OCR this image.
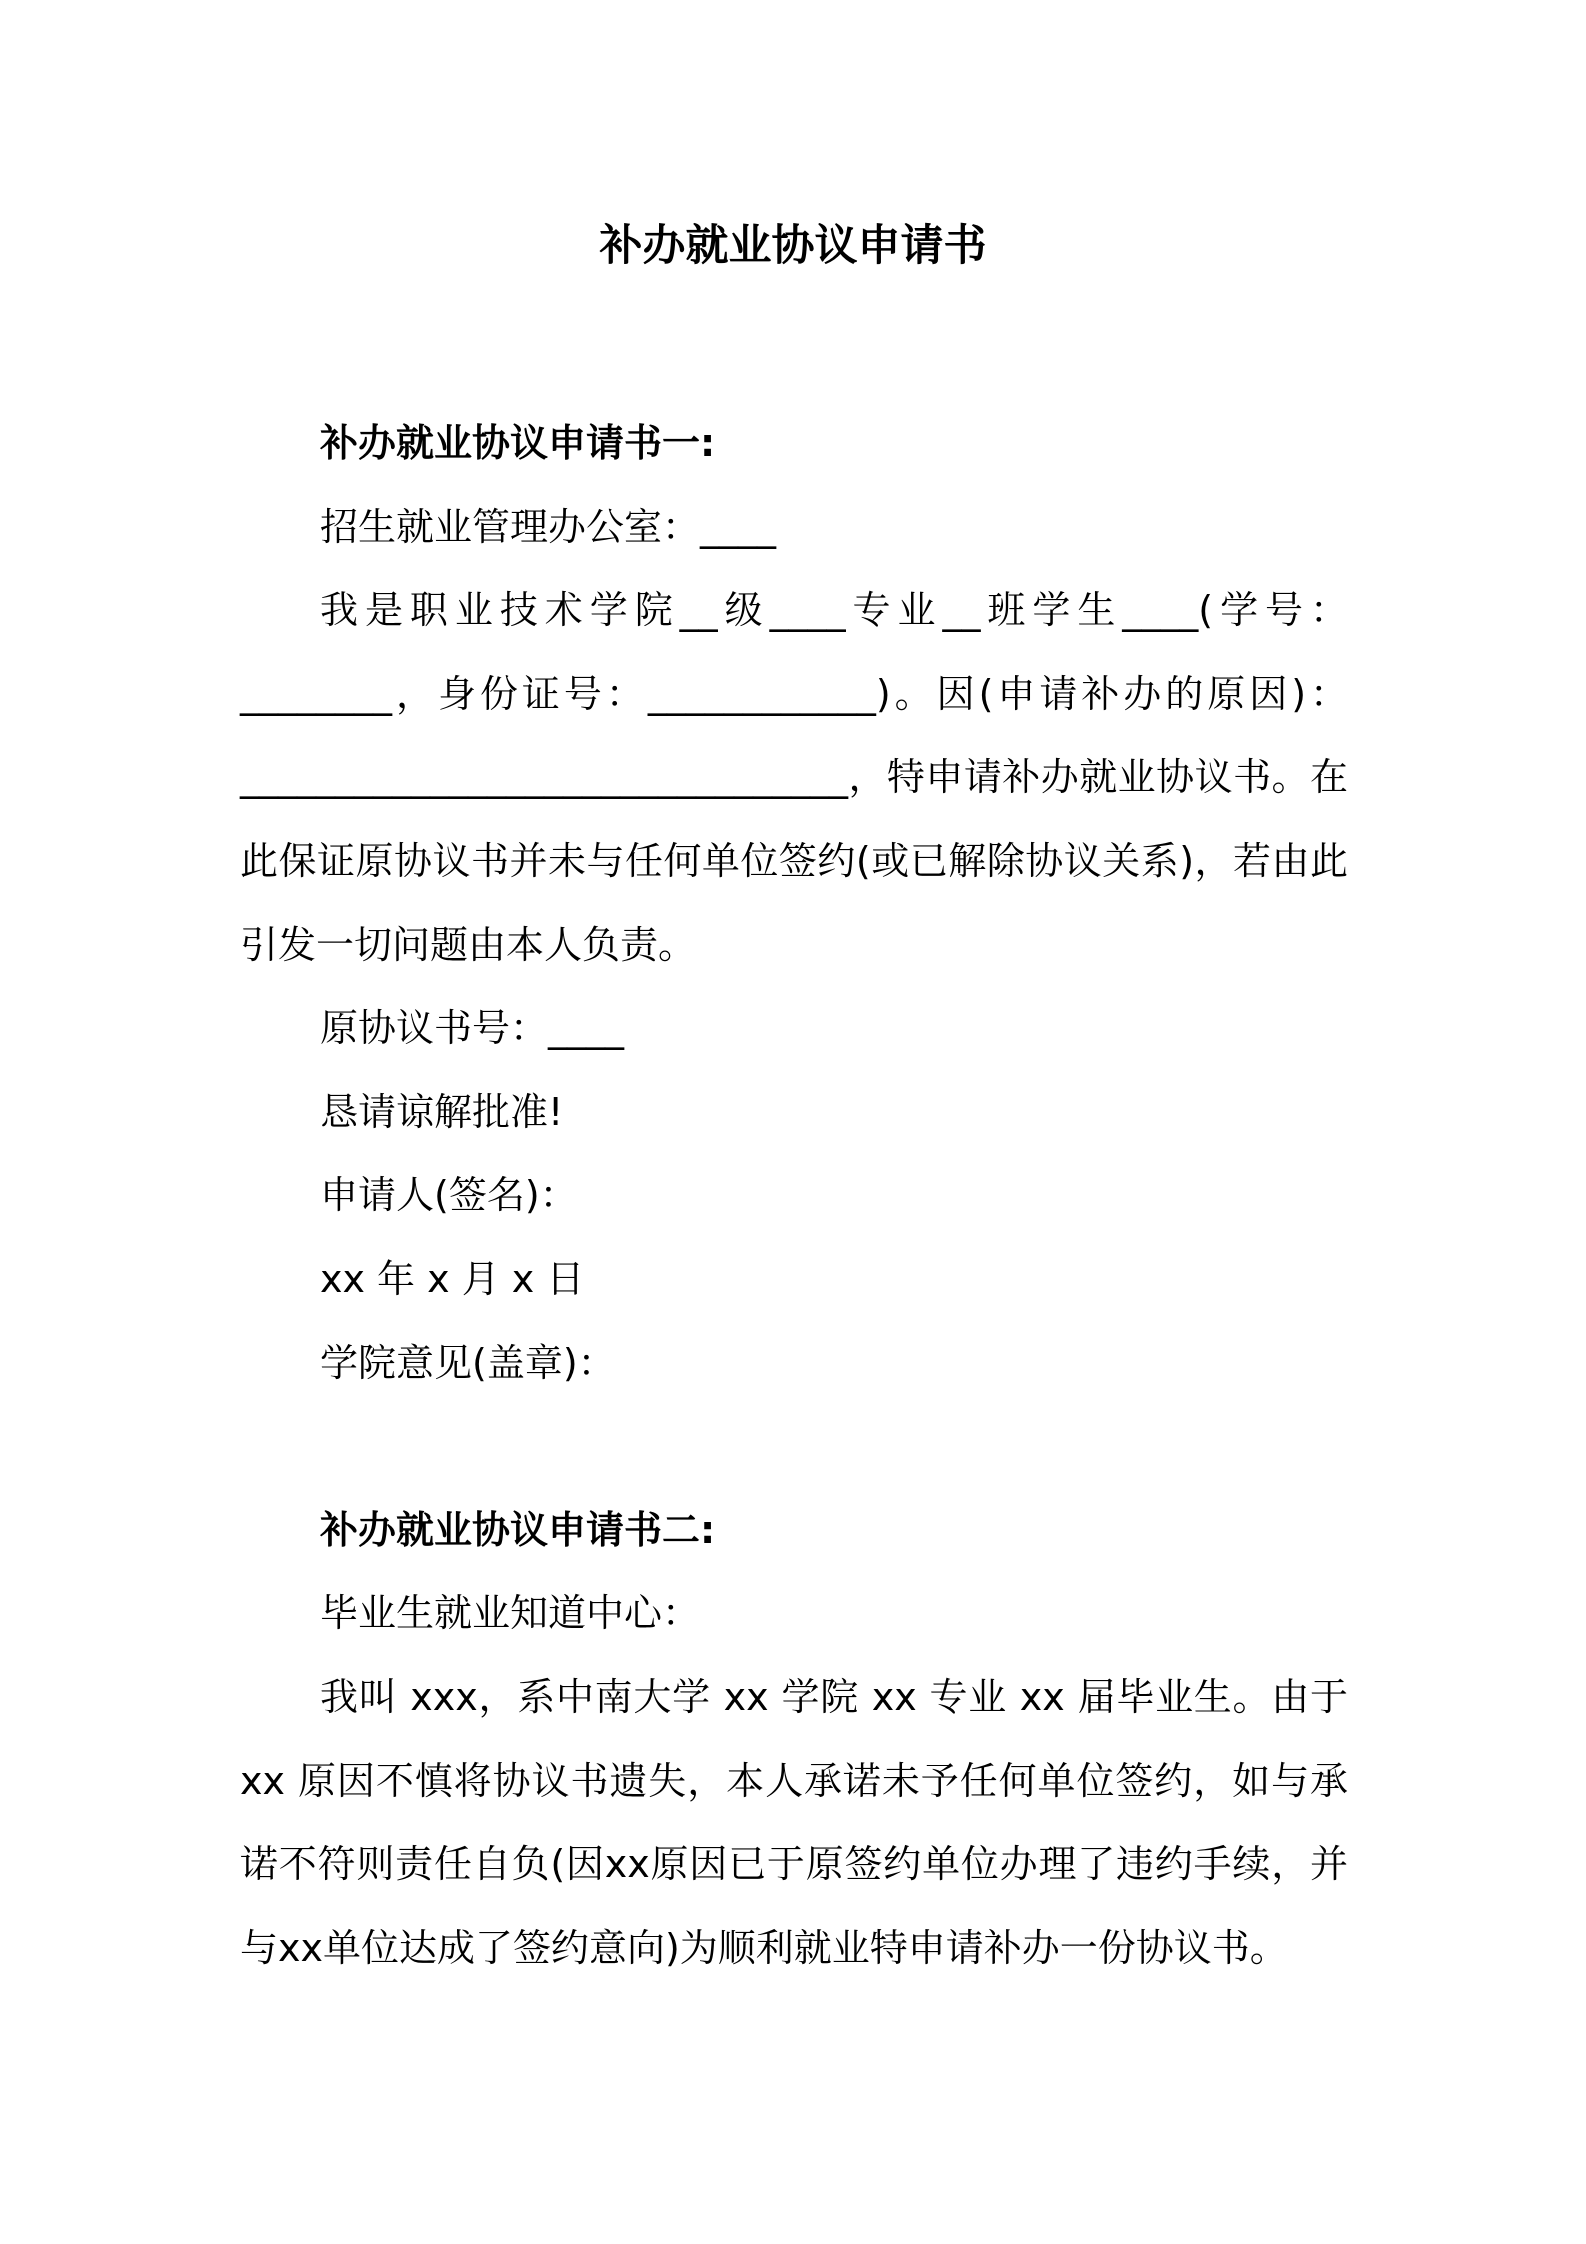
补办就业协议申请书

补办就业协议申请书一:

招生就业管理办公室：____

我是职业技术学院__级____专业__班学生____(学号：________，身份证号：____________)。因(申请补办的原因)：________________________________，特申请补办就业协议书。在此保证原协议书并未与任何单位签约(或已解除协议关系)，若由此引发一切问题由本人负责。

原协议书号：____

恳请谅解批准!

申请人(签名)：

xx 年 x 月 x 日

学院意见(盖章)：

补办就业协议申请书二:

毕业生就业知道中心：

我叫 xxx，系中南大学 xx 学院 xx 专业 xx 届毕业生。由于 xx 原因不慎将协议书遗失，本人承诺未予任何单位签约，如与承诺不符则责任自负(因xx原因已于原签约单位办理了违约手续，并与xx单位达成了签约意向)为顺利就业特申请补办一份协议书。
